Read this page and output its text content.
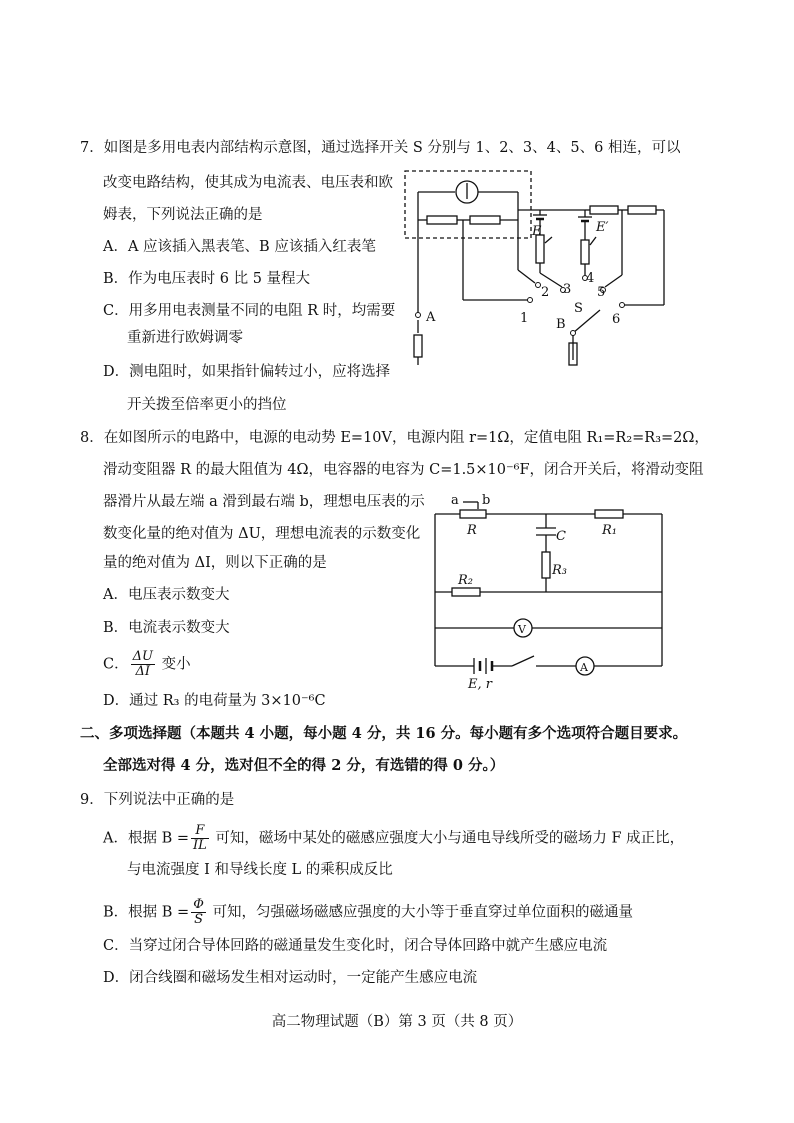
7．如图是多用电表内部结构示意图，通过选择开关 S 分别与 1、2、3、4、5、6 相连，可以
改变电路结构，使其成为电流表、电压表和欧
姆表，下列说法正确的是
A．A 应该插入黑表笔、B 应该插入红表笔
B．作为电压表时 6 比 5 量程大
C．用多用电表测量不同的电阻 R 时，均需要
重新进行欧姆调零
D．测电阻时，如果指针偏转过小，应将选择
开关拨至倍率更小的挡位
E	E′
A	B
S
1
2 3
4
5
6
8．在如图所示的电路中，电源的电动势 E=10V，电源内阻 r=1Ω，定值电阻 R₁=R₂=R₃=2Ω，
滑动变阻器 R 的最大阻值为 4Ω，电容器的电容为 C=1.5×10⁻⁶F，闭合开关后，将滑动变阻
器滑片从最左端 a 滑到最右端 b，理想电压表的示
数变化量的绝对值为 ΔU，理想电流表的示数变化
量的绝对值为 ΔI，则以下正确的是
A．电压表示数变大
B．电流表示数变大
C． $\frac{\Delta U}{\Delta I}$ 变小
D．通过 R₃ 的电荷量为 3×10⁻⁶C
a b
R	R₁
C
R₃
R₂
V
A
E, r
二、多项选择题（本题共 4 小题，每小题 4 分，共 16 分。每小题有多个选项符合题目要求。
全部选对得 4 分，选对但不全的得 2 分，有选错的得 0 分。）
9．下列说法中正确的是
A．根据 $B = \frac{F}{IL}$ 可知，磁场中某处的磁感应强度大小与通电导线所受的磁场力 F 成正比，
与电流强度 I 和导线长度 L 的乘积成反比
B．根据 $B = \frac{\Phi}{S}$ 可知，匀强磁场磁感应强度的大小等于垂直穿过单位面积的磁通量
C．当穿过闭合导体回路的磁通量发生变化时，闭合导体回路中就产生感应电流
D．闭合线圈和磁场发生相对运动时，一定能产生感应电流
高二物理试题（B）第 3 页（共 8 页）
